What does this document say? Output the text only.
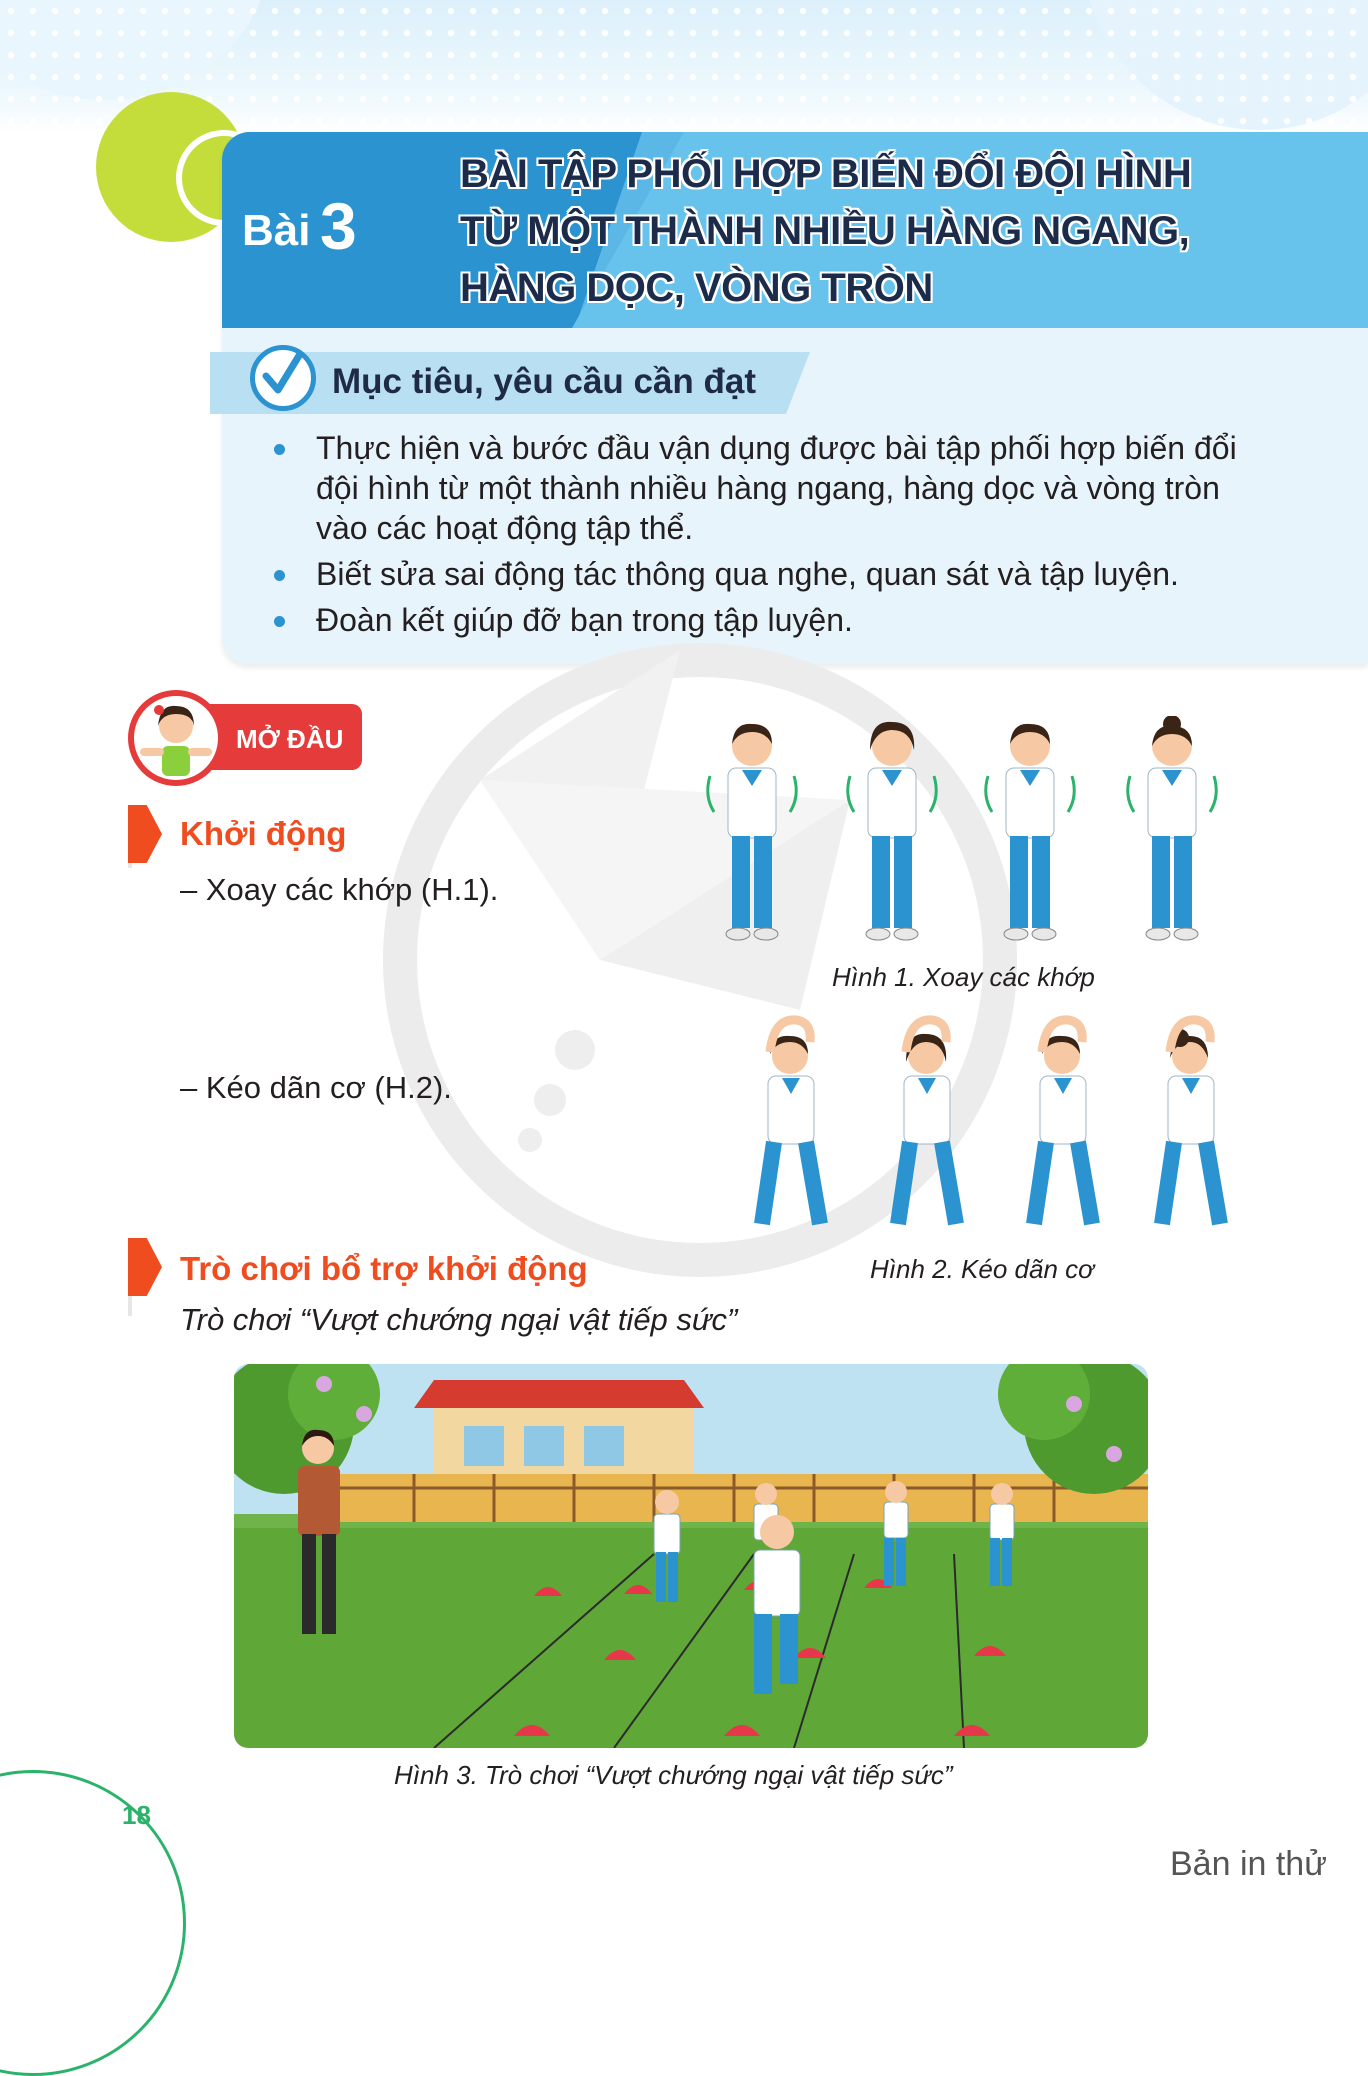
Bài 3
BÀI TẬP PHỐI HỢP BIẾN ĐỔI ĐỘI HÌNH
TỪ MỘT THÀNH NHIỀU HÀNG NGANG,
HÀNG DỌC, VÒNG TRÒN
Mục tiêu, yêu cầu cần đạt
Thực hiện và bước đầu vận dụng được bài tập phối hợp biến đổi đội hình từ một thành nhiều hàng ngang, hàng dọc và vòng tròn vào các hoạt động tập thể.
Biết sửa sai động tác thông qua nghe, quan sát và tập luyện.
Đoàn kết giúp đỡ bạn trong tập luyện.
MỞ ĐẦU
Khởi động
– Xoay các khớp (H.1).
– Kéo dãn cơ (H.2).
Hình 1. Xoay các khớp
Hình 2. Kéo dãn cơ
Trò chơi bổ trợ khởi động
Trò chơi “Vượt chướng ngại vật tiếp sức”
Hình 3. Trò chơi “Vượt chướng ngại vật tiếp sức”
18
Bản in thử
